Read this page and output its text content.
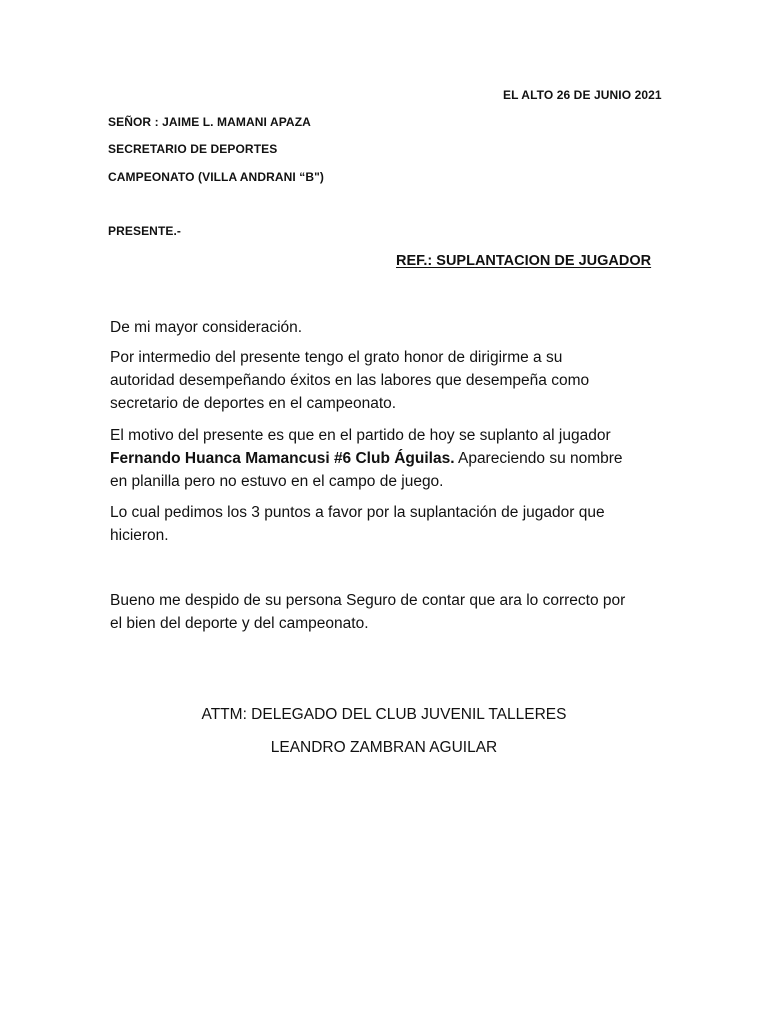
EL ALTO 26 DE JUNIO 2021
SEÑOR : JAIME L. MAMANI APAZA
SECRETARIO DE DEPORTES
CAMPEONATO (VILLA ANDRANI “B")
PRESENTE.-
REF.: SUPLANTACION DE JUGADOR
De mi mayor consideración.
Por intermedio del presente tengo el grato honor de dirigirme a su
autoridad desempeñando éxitos en las labores que desempeña como
secretario de deportes en el campeonato.
El motivo del presente es que en el partido de hoy se suplanto al jugador
Fernando Huanca Mamancusi #6 Club Águilas. Apareciendo su nombre
en planilla pero no estuvo en el campo de juego.
Lo cual pedimos los 3 puntos a favor por la suplantación de jugador que
hicieron.
Bueno me despido de su persona Seguro de contar que ara lo correcto por
el bien del deporte y del campeonato.
ATTM: DELEGADO DEL CLUB JUVENIL TALLERES
LEANDRO ZAMBRAN AGUILAR
